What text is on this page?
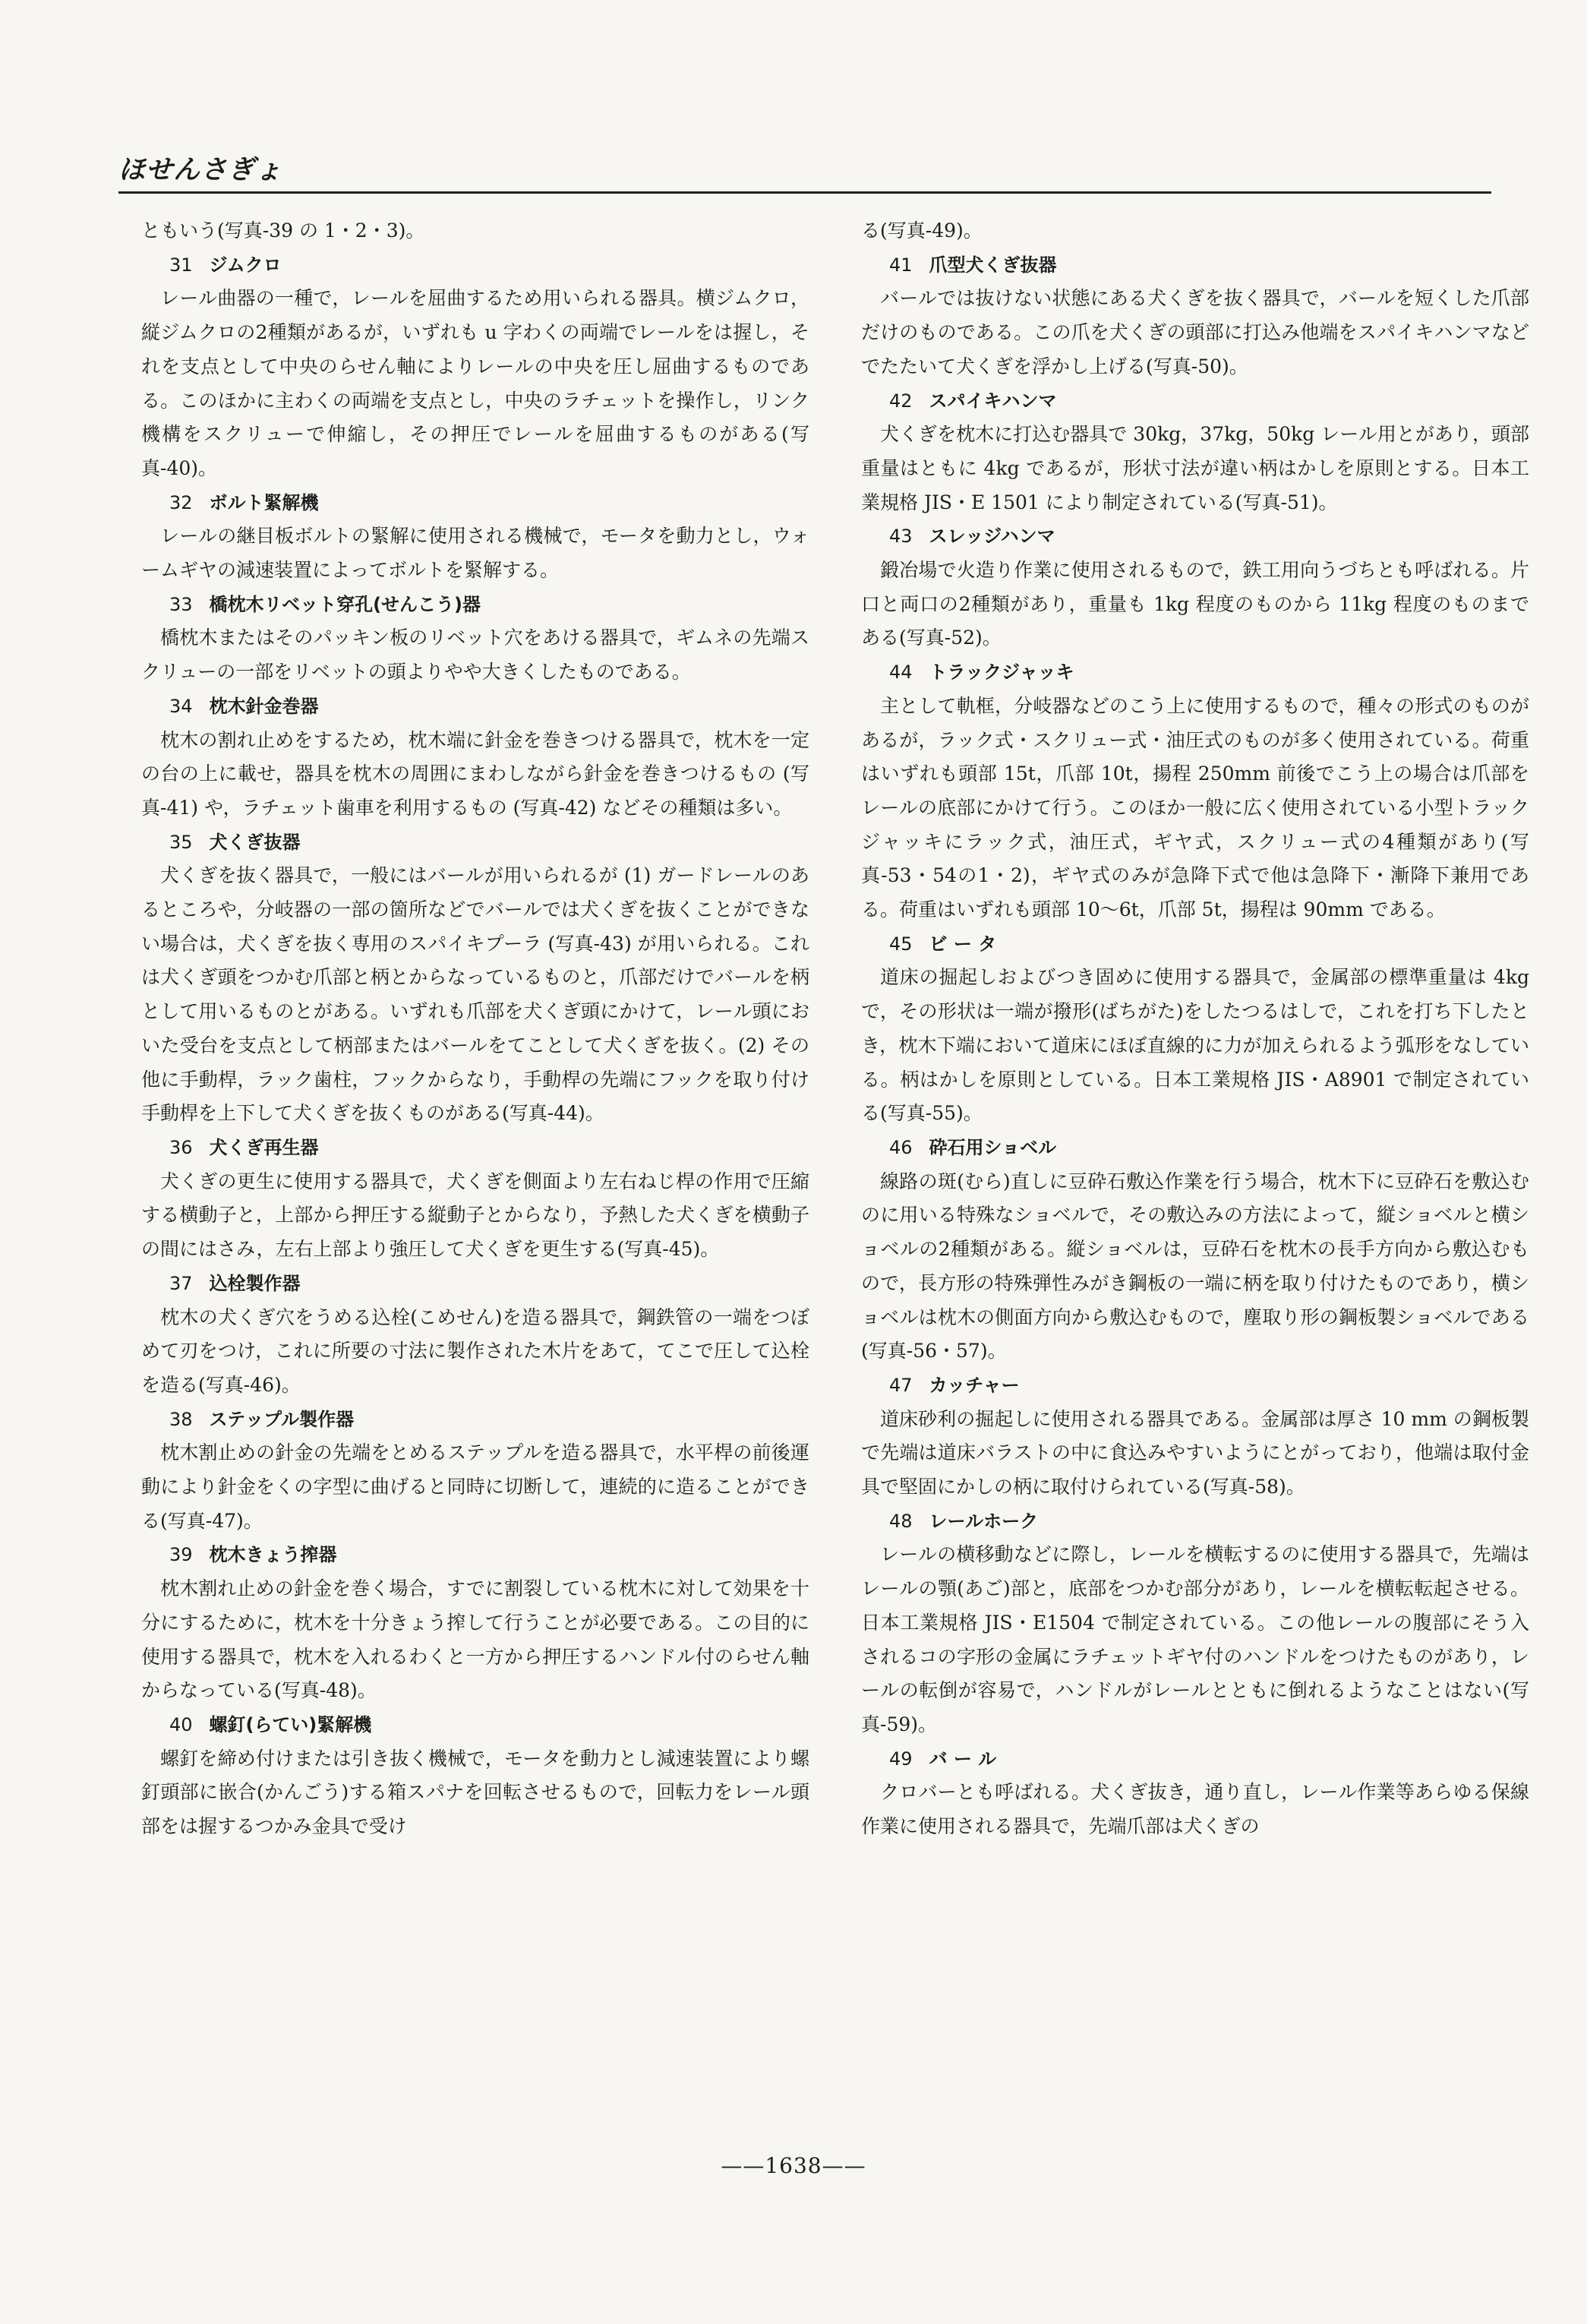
ほせんさぎょ

ともいう(写真-39 の 1・2・3)。

31 ジムクロ

レール曲器の一種で，レールを屈曲するため用いられる器具。横ジムクロ，縦ジムクロの2種類があるが，いずれも u 字わくの両端でレールをは握し，それを支点として中央のらせん軸によりレールの中央を圧し屈曲するものである。このほかに主わくの両端を支点とし，中央のラチェットを操作し，リンク機構をスクリューで伸縮し，その押圧でレールを屈曲するものがある(写真-40)。

32 ボルト緊解機

レールの継目板ボルトの緊解に使用される機械で，モータを動力とし，ウォームギヤの減速装置によってボルトを緊解する。

33 橋枕木リベット穿孔(せんこう)器

橋枕木またはそのパッキン板のリベット穴をあける器具で，ギムネの先端スクリューの一部をリベットの頭よりやや大きくしたものである。

34 枕木針金巻器

枕木の割れ止めをするため，枕木端に針金を巻きつける器具で，枕木を一定の台の上に載せ，器具を枕木の周囲にまわしながら針金を巻きつけるもの (写真-41) や，ラチェット歯車を利用するもの (写真-42) などその種類は多い。

35 犬くぎ抜器

犬くぎを抜く器具で，一般にはバールが用いられるが (1) ガードレールのあるところや，分岐器の一部の箇所などでバールでは犬くぎを抜くことができない場合は，犬くぎを抜く専用のスパイキプーラ (写真-43) が用いられる。これは犬くぎ頭をつかむ爪部と柄とからなっているものと，爪部だけでバールを柄として用いるものとがある。いずれも爪部を犬くぎ頭にかけて，レール頭においた受台を支点として柄部またはバールをてことして犬くぎを抜く。(2) その他に手動桿，ラック歯柱，フックからなり，手動桿の先端にフックを取り付け手動桿を上下して犬くぎを抜くものがある(写真-44)。

36 犬くぎ再生器

犬くぎの更生に使用する器具で，犬くぎを側面より左右ねじ桿の作用で圧縮する横動子と，上部から押圧する縦動子とからなり，予熱した犬くぎを横動子の間にはさみ，左右上部より強圧して犬くぎを更生する(写真-45)。

37 込栓製作器

枕木の犬くぎ穴をうめる込栓(こめせん)を造る器具で，鋼鉄管の一端をつぼめて刃をつけ，これに所要の寸法に製作された木片をあて，てこで圧して込栓を造る(写真-46)。

38 ステップル製作器

枕木割止めの針金の先端をとめるステップルを造る器具で，水平桿の前後運動により針金をくの字型に曲げると同時に切断して，連続的に造ることができる(写真-47)。

39 枕木きょう搾器

枕木割れ止めの針金を巻く場合，すでに割裂している枕木に対して効果を十分にするために，枕木を十分きょう搾して行うことが必要である。この目的に使用する器具で，枕木を入れるわくと一方から押圧するハンドル付のらせん軸からなっている(写真-48)。

40 螺釘(らてい)緊解機

螺釘を締め付けまたは引き抜く機械で，モータを動力とし減速装置により螺釘頭部に嵌合(かんごう)する箱スパナを回転させるもので，回転力をレール頭部をは握するつかみ金具で受け

る(写真-49)。

41 爪型犬くぎ抜器

バールでは抜けない状態にある犬くぎを抜く器具で，バールを短くした爪部だけのものである。この爪を犬くぎの頭部に打込み他端をスパイキハンマなどでたたいて犬くぎを浮かし上げる(写真-50)。

42 スパイキハンマ

犬くぎを枕木に打込む器具で 30kg，37kg，50kg レール用とがあり，頭部重量はともに 4kg であるが，形状寸法が違い柄はかしを原則とする。日本工業規格 JIS・E 1501 により制定されている(写真-51)。

43 スレッジハンマ

鍛冶場で火造り作業に使用されるもので，鉄工用向うづちとも呼ばれる。片口と両口の2種類があり，重量も 1kg 程度のものから 11kg 程度のものまである(写真-52)。

44 トラックジャッキ

主として軌框，分岐器などのこう上に使用するもので，種々の形式のものがあるが，ラック式・スクリュー式・油圧式のものが多く使用されている。荷重はいずれも頭部 15t，爪部 10t，揚程 250mm 前後でこう上の場合は爪部をレールの底部にかけて行う。このほか一般に広く使用されている小型トラックジャッキにラック式，油圧式，ギヤ式，スクリュー式の4種類があり(写真-53・54の1・2)，ギヤ式のみが急降下式で他は急降下・漸降下兼用である。荷重はいずれも頭部 10～6t，爪部 5t，揚程は 90mm である。

45 ビ ー タ

道床の掘起しおよびつき固めに使用する器具で，金属部の標準重量は 4kg で，その形状は一端が撥形(ばちがた)をしたつるはしで，これを打ち下したとき，枕木下端において道床にほぼ直線的に力が加えられるよう弧形をなしている。柄はかしを原則としている。日本工業規格 JIS・A8901 で制定されている(写真-55)。

46 砕石用ショベル

線路の斑(むら)直しに豆砕石敷込作業を行う場合，枕木下に豆砕石を敷込むのに用いる特殊なショベルで，その敷込みの方法によって，縦ショベルと横ショベルの2種類がある。縦ショベルは，豆砕石を枕木の長手方向から敷込むもので，長方形の特殊弾性みがき鋼板の一端に柄を取り付けたものであり，横ショベルは枕木の側面方向から敷込むもので，塵取り形の鋼板製ショベルである(写真-56・57)。

47 カッチャー

道床砂利の掘起しに使用される器具である。金属部は厚さ 10 mm の鋼板製で先端は道床バラストの中に食込みやすいようにとがっており，他端は取付金具で堅固にかしの柄に取付けられている(写真-58)。

48 レールホーク

レールの横移動などに際し，レールを横転するのに使用する器具で，先端はレールの顎(あご)部と，底部をつかむ部分があり，レールを横転転起させる。日本工業規格 JIS・E1504 で制定されている。この他レールの腹部にそう入されるコの字形の金属にラチェットギヤ付のハンドルをつけたものがあり，レールの転倒が容易で，ハンドルがレールとともに倒れるようなことはない(写真-59)。

49 バ ー ル

クロバーとも呼ばれる。犬くぎ抜き，通り直し，レール作業等あらゆる保線作業に使用される器具で，先端爪部は犬くぎの

——1638——
